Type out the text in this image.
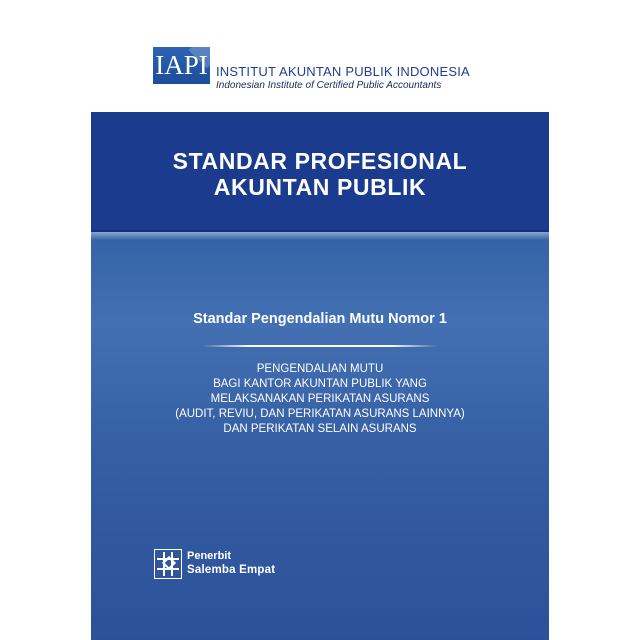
IAPI INSTITUT AKUNTAN PUBLIK INDONESIA
Indonesian Institute of Certified Public Accountants
STANDAR PROFESIONAL
AKUNTAN PUBLIK
Standar Pengendalian Mutu Nomor 1
PENGENDALIAN MUTU
BAGI KANTOR AKUNTAN PUBLIK YANG
MELAKSANAKAN PERIKATAN ASURANS
(AUDIT, REVIU, DAN PERIKATAN ASURANS LAINNYA)
DAN PERIKATAN SELAIN ASURANS
Penerbit
Salemba Empat
